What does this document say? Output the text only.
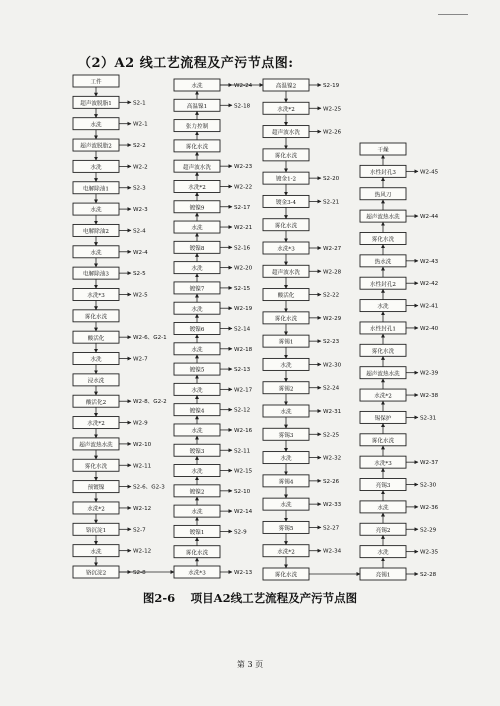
（2）A2 线工艺流程及产污节点图:
工件
超声波脱脂1	S2-1
水洗	W2-1
超声波脱脂2	S2-2
水洗	W2-2
电解除油1	S2-3
水洗	W2-3
电解除油2	S2-4
水洗	W2-4
电解除油3	S2-5
水洗*3	W2-5
雾化水洗
酸活化	W2-6、G2-1
水洗	W2-7
浸水洗
酸活化2	W2-8、G2-2
水洗*2	W2-9
超声波热水洗	W2-10
雾化水洗	W2-11
预镀镍	S2-6、G2-3
水洗*2	W2-12
铬沉淀1	S2-7
水洗	W2-12
铬沉淀2	S2-8
水洗	W2-24
高温镍1	S2-18
张力控制
雾化水洗
超声波水洗	W2-23
水洗*2	W2-22
镀镍9	S2-17
水洗	W2-21
镀镍8	S2-16
水洗	W2-20
镀镍7	S2-15
水洗	W2-19
镀镍6	S2-14
水洗	W2-18
镀镍5	S2-13
水洗	W2-17
镀镍4	S2-12
水洗	W2-16
镀镍3	S2-11
水洗	W2-15
镀镍2	S2-10
水洗	W2-14
镀镍1	S2-9
雾化水洗
水洗*3	W2-13
高温镍2	S2-19
水洗*2	W2-25
超声波水洗	W2-26
雾化水洗
镀金1-2	S2-20
镀金3-4	S2-21
雾化水洗
水洗*3	W2-27
超声波水洗	W2-28
酸活化	S2-22
雾化水洗	W2-29
雾锡1	S2-23
水洗	W2-30
雾锡2	S2-24
水洗	W2-31
雾锡3	S2-25
水洗	W2-32
雾锡4	S2-26
水洗	W2-33
雾锡5	S2-27
水洗*2	W2-34
雾化水洗
干燥
水性封孔3	W2-45
热风刀
超声波热水洗	W2-44
雾化水洗
热水洗	W2-43
水性封孔2	W2-42
水洗	W2-41
水性封孔1	W2-40
雾化水洗
超声波热水洗	W2-39
水洗*2	W2-38
锡保护	S2-31
雾化水洗
水洗*3	W2-37
亮锡3	S2-30
水洗	W2-36
亮锡2	S2-29
水洗	W2-35
亮锡1	S2-28
图2-6　 项目A2线工艺流程及产污节点图
第 3 页
